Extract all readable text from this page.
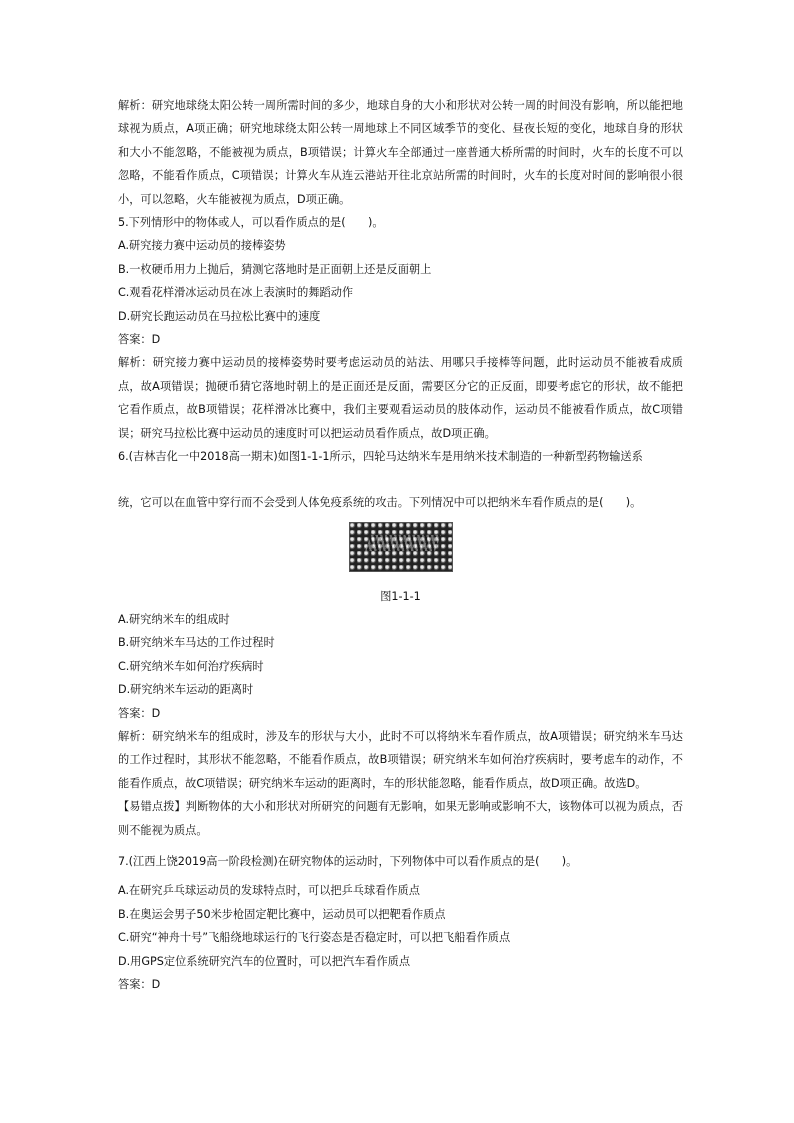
解析：研究地球绕太阳公转一周所需时间的多少，地球自身的大小和形状对公转一周的时间没有影响，所以能把地球视为质点，A项正确；研究地球绕太阳公转一周地球上不同区域季节的变化、昼夜长短的变化，地球自身的形状和大小不能忽略，不能被视为质点，B项错误；计算火车全部通过一座普通大桥所需的时间时，火车的长度不可以忽略，不能看作质点，C项错误；计算火车从连云港站开往北京站所需的时间时，火车的长度对时间的影响很小很小，可以忽略，火车能被视为质点，D项正确。

5.下列情形中的物体或人，可以看作质点的是(　　)。

A.研究接力赛中运动员的接棒姿势

B.一枚硬币用力上抛后，猜测它落地时是正面朝上还是反面朝上

C.观看花样滑冰运动员在冰上表演时的舞蹈动作

D.研究长跑运动员在马拉松比赛中的速度

答案：D

解析：研究接力赛中运动员的接棒姿势时要考虑运动员的站法、用哪只手接棒等问题，此时运动员不能被看成质点，故A项错误；抛硬币猜它落地时朝上的是正面还是反面，需要区分它的正反面，即要考虑它的形状，故不能把它看作质点，故B项错误；花样滑冰比赛中，我们主要观看运动员的肢体动作，运动员不能被看作质点，故C项错误；研究马拉松比赛中运动员的速度时可以把运动员看作质点，故D项正确。

6.(吉林吉化一中2018高一期末)如图1-1-1所示，四轮马达纳米车是用纳米技术制造的一种新型药物输送系

统，它可以在血管中穿行而不会受到人体免疫系统的攻击。下列情况中可以把纳米车看作质点的是(　　)。

图1-1-1

A.研究纳米车的组成时

B.研究纳米车马达的工作过程时

C.研究纳米车如何治疗疾病时

D.研究纳米车运动的距离时

答案：D

解析：研究纳米车的组成时，涉及车的形状与大小，此时不可以将纳米车看作质点，故A项错误；研究纳米车马达的工作过程时，其形状不能忽略，不能看作质点，故B项错误；研究纳米车如何治疗疾病时，要考虑车的动作，不能看作质点，故C项错误；研究纳米车运动的距离时，车的形状能忽略，能看作质点，故D项正确。故选D。

【易错点拨】判断物体的大小和形状对所研究的问题有无影响，如果无影响或影响不大，该物体可以视为质点，否则不能视为质点。

7.(江西上饶2019高一阶段检测)在研究物体的运动时，下列物体中可以看作质点的是(　　)。

A.在研究乒乓球运动员的发球特点时，可以把乒乓球看作质点

B.在奥运会男子50米步枪固定靶比赛中，运动员可以把靶看作质点

C.研究“神舟十号”飞船绕地球运行的飞行姿态是否稳定时，可以把飞船看作质点

D.用GPS定位系统研究汽车的位置时，可以把汽车看作质点

答案：D
